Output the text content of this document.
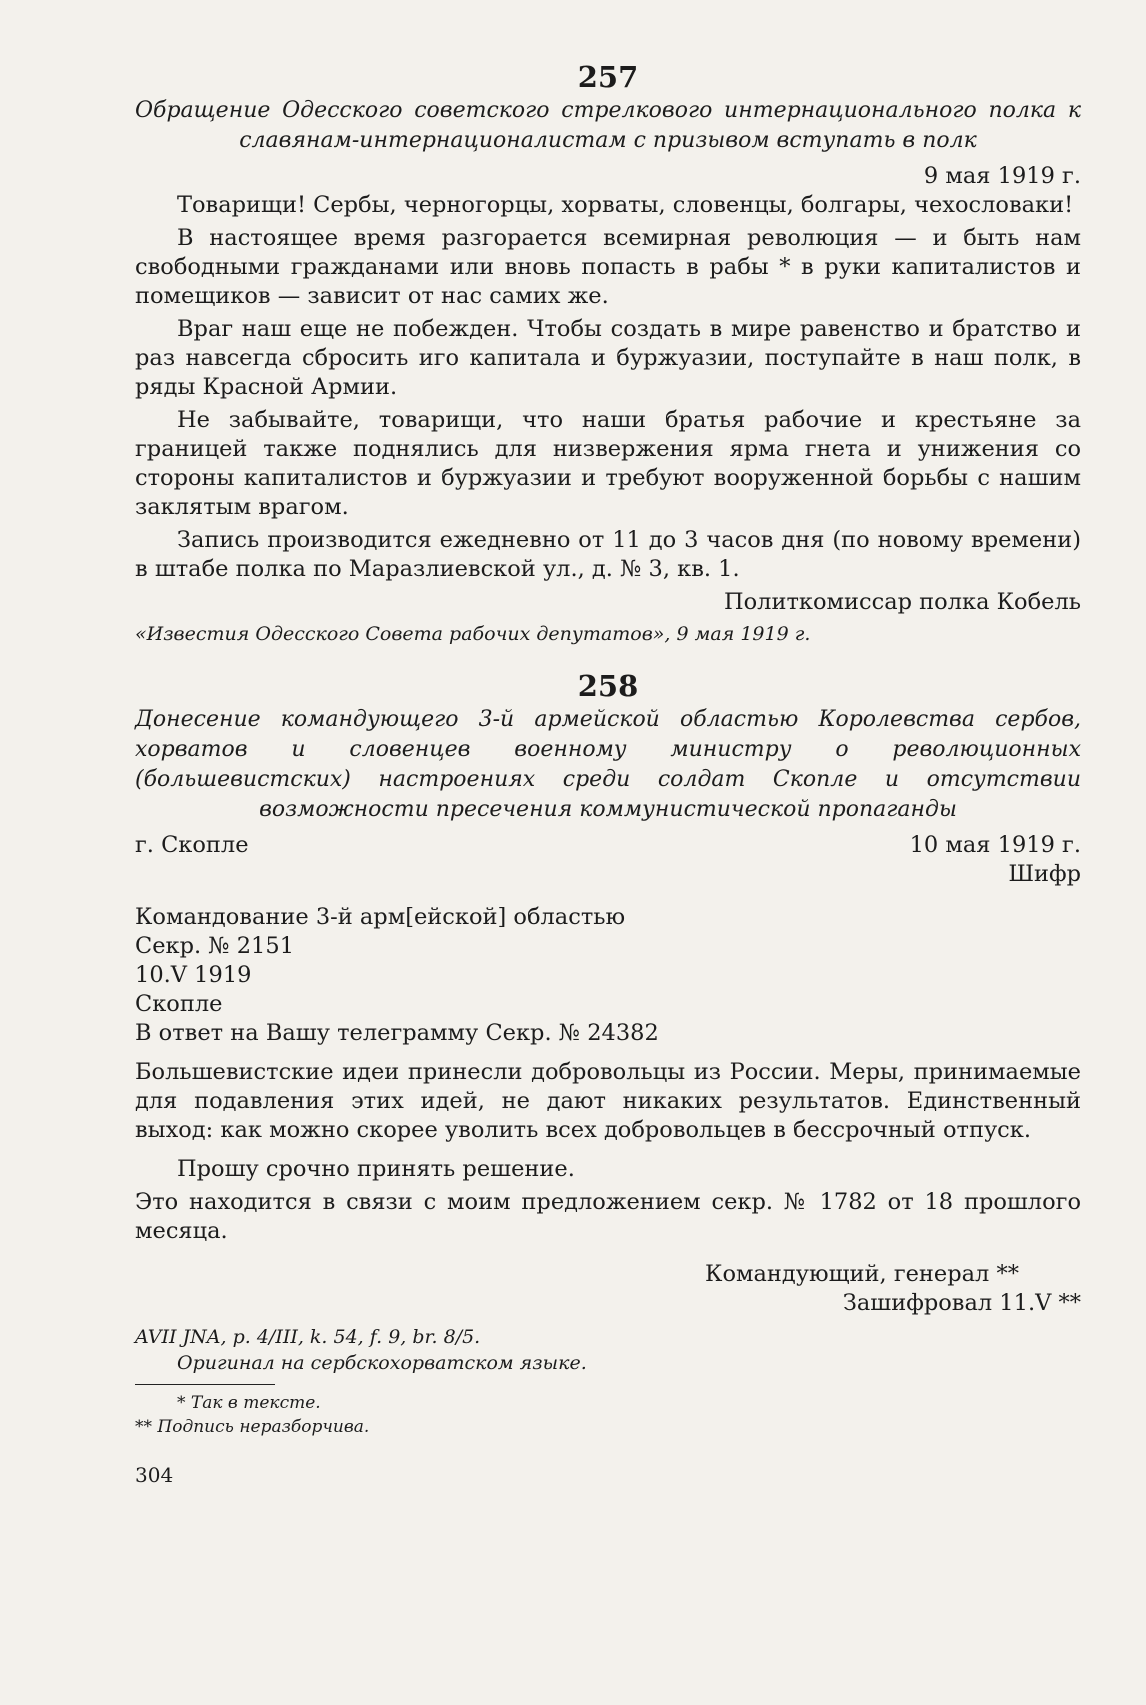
257
Обращение Одесского советского стрелкового интернационального полка к славянам-интернационалистам с призывом вступать в полк
9 мая 1919 г.
Товарищи! Сербы, черногорцы, хорваты, словенцы, болгары, чехословаки!
В настоящее время разгорается всемирная революция — и быть нам свободными гражданами или вновь попасть в рабы * в руки капиталистов и помещиков — зависит от нас самих же.
Враг наш еще не побежден. Чтобы создать в мире равенство и братство и раз навсегда сбросить иго капитала и буржуазии, поступайте в наш полк, в ряды Красной Армии.
Не забывайте, товарищи, что наши братья рабочие и крестьяне за границей также поднялись для низвержения ярма гнета и унижения со стороны капиталистов и буржуазии и требуют вооруженной борьбы с нашим заклятым врагом.
Запись производится ежедневно от 11 до 3 часов дня (по новому времени) в штабе полка по Маразлиевской ул., д. № 3, кв. 1.
Политкомиссар полка Кобель
«Известия Одесского Совета рабочих депутатов», 9 мая 1919 г.
258
Донесение командующего 3-й армейской областью Королевства сербов, хорватов и словенцев военному министру о революционных (большевистских) настроениях среди солдат Скопле и отсутствии возможности пресечения коммунистической пропаганды
г. Скопле	10 мая 1919 г.
Шифр
Командование 3-й арм[ейской] областью
Секр. № 2151
10.V 1919
Скопле
В ответ на Вашу телеграмму Секр. № 24382
Большевистские идеи принесли добровольцы из России. Меры, принимаемые для подавления этих идей, не дают никаких результатов. Единственный выход: как можно скорее уволить всех добровольцев в бессрочный отпуск.
Прошу срочно принять решение.
Это находится в связи с моим предложением секр. № 1782 от 18 прошлого месяца.
Командующий, генерал **
Зашифровал 11.V **
AVII JNA, p. 4/III, k. 54, f. 9, br. 8/5.
Оригинал на сербскохорватском языке.
* Так в тексте.
** Подпись неразборчива.
304
